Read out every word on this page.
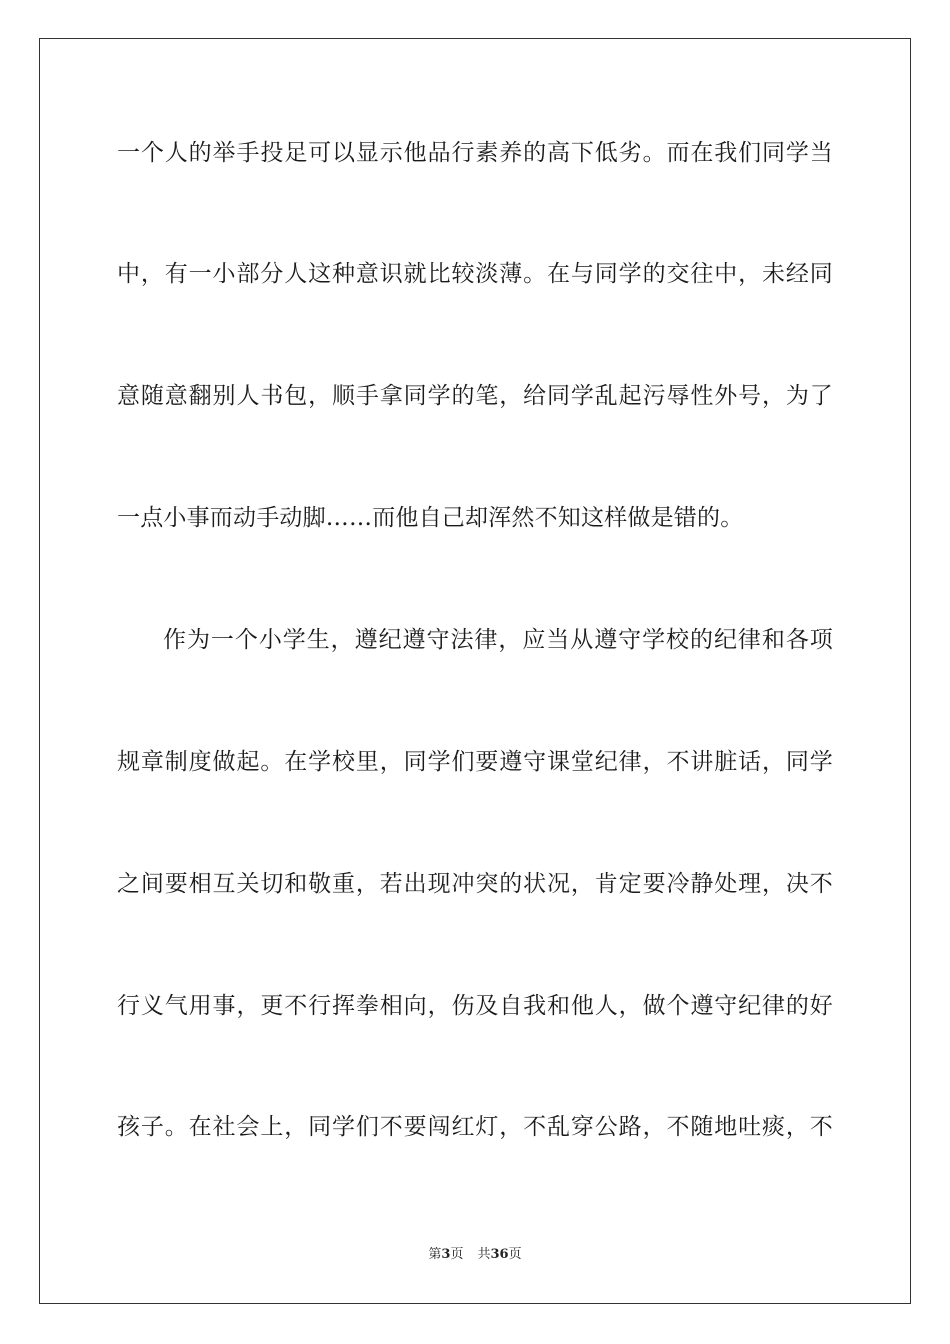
一个人的举手投足可以显示他品行素养的高下低劣。而在我们同学当
中，有一小部分人这种意识就比较淡薄。在与同学的交往中，未经同
意随意翻别人书包，顺手拿同学的笔，给同学乱起污辱性外号，为了
一点小事而动手动脚……而他自己却浑然不知这样做是错的。
作为一个小学生，遵纪遵守法律，应当从遵守学校的纪律和各项
规章制度做起。在学校里，同学们要遵守课堂纪律，不讲脏话，同学
之间要相互关切和敬重，若出现冲突的状况，肯定要冷静处理，决不
行义气用事，更不行挥拳相向，伤及自我和他人，做个遵守纪律的好
孩子。在社会上，同学们不要闯红灯，不乱穿公路，不随地吐痰，不
第3页 共36页
